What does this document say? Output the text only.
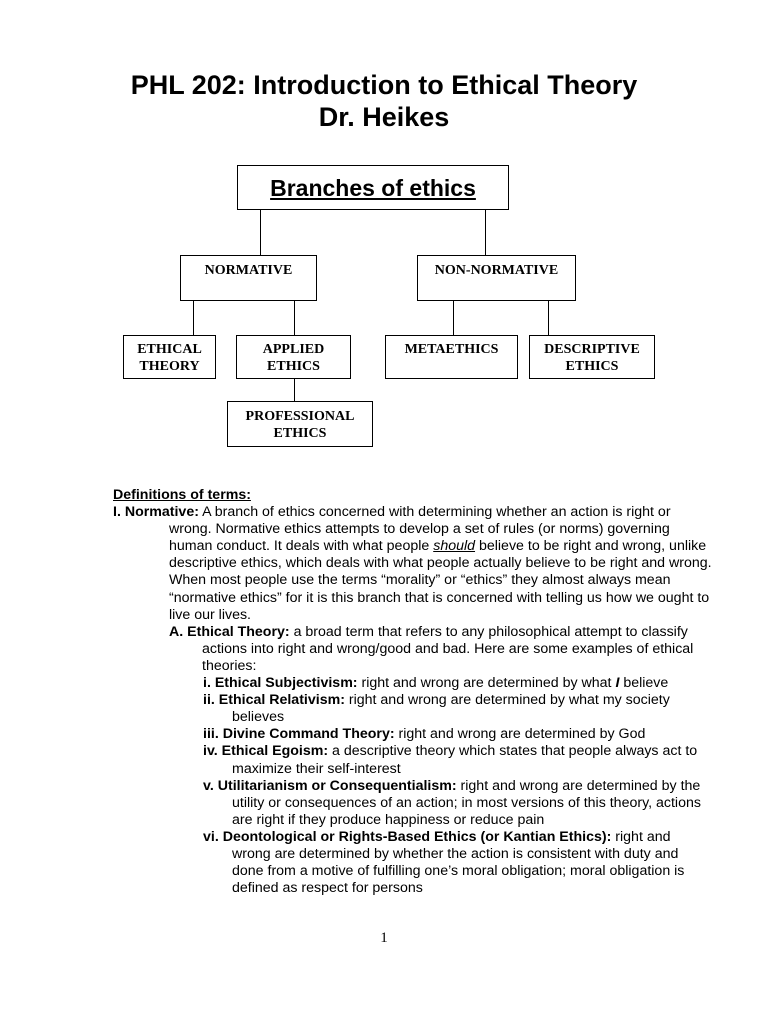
PHL 202: Introduction to Ethical Theory
Dr. Heikes
Branches of ethics
NORMATIVE	NON-NORMATIVE
ETHICAL
THEORY
APPLIED
ETHICS
METAETHICS	DESCRIPTIVE
ETHICS
PROFESSIONAL
ETHICS

Definitions of terms:

I. Normative: A branch of ethics concerned with determining whether an action is right or wrong. Normative ethics attempts to develop a set of rules (or norms) governing human conduct. It deals with what people should believe to be right and wrong, unlike descriptive ethics, which deals with what people actually believe to be right and wrong. When most people use the terms “morality” or “ethics” they almost always mean “normative ethics” for it is this branch that is concerned with telling us how we ought to live our lives.

A. Ethical Theory: a broad term that refers to any philosophical attempt to classify actions into right and wrong/good and bad. Here are some examples of ethical theories:
i. Ethical Subjectivism: right and wrong are determined by what I believe
ii. Ethical Relativism: right and wrong are determined by what my society believes
iii. Divine Command Theory: right and wrong are determined by God
iv. Ethical Egoism: a descriptive theory which states that people always act to maximize their self-interest
v. Utilitarianism or Consequentialism: right and wrong are determined by the utility or consequences of an action; in most versions of this theory, actions are right if they produce happiness or reduce pain
vi. Deontological or Rights-Based Ethics (or Kantian Ethics): right and wrong are determined by whether the action is consistent with duty and done from a motive of fulfilling one’s moral obligation; moral obligation is defined as respect for persons
1
